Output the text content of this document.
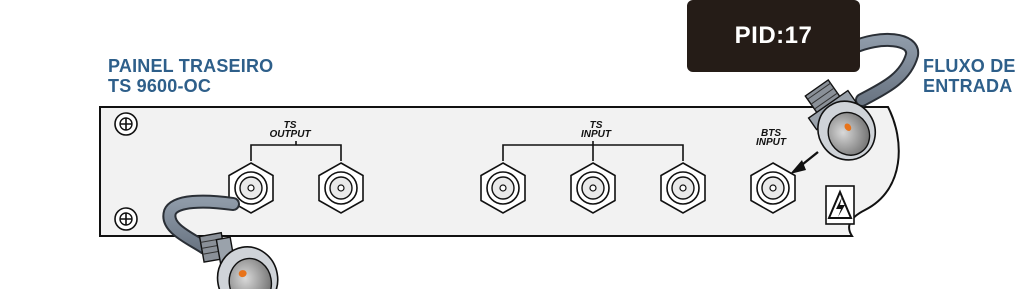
TS
OUTPUT
TS
INPUT	BTS
INPUT
PAINEL TRASEIRO
TS 9600-OC
FLUXO DE
ENTRADA
PID:17
